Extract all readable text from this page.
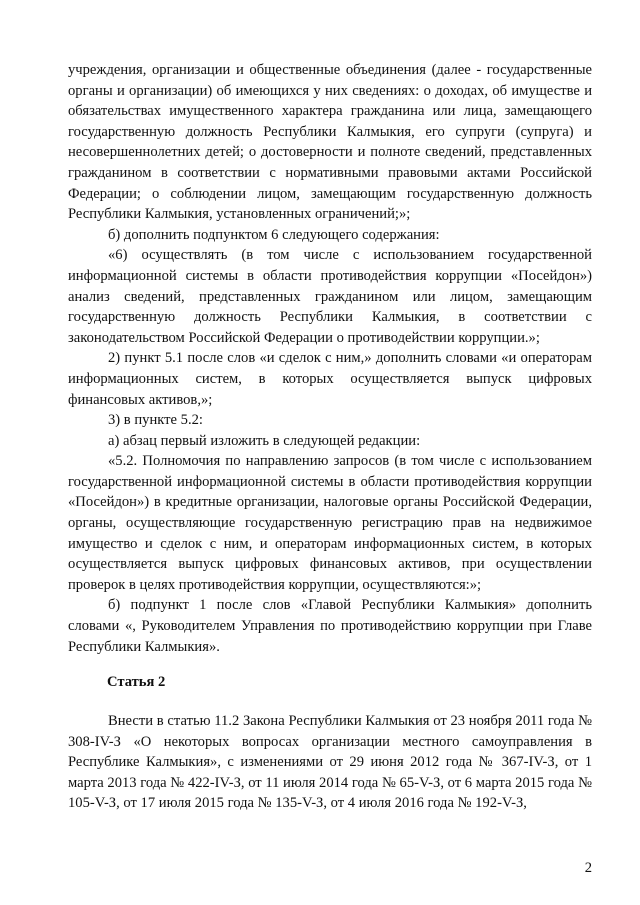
учреждения, организации и общественные объединения (далее - государственные органы и организации) об имеющихся у них сведениях: о доходах, об имуществе и обязательствах имущественного характера гражданина или лица, замещающего государственную должность Республики Калмыкия, его супруги (супруга) и несовершеннолетних детей; о достоверности и полноте сведений, представленных гражданином в соответствии с нормативными правовыми актами Российской Федерации; о соблюдении лицом, замещающим государственную должность Республики Калмыкия, установленных ограничений;»;

б) дополнить подпунктом 6 следующего содержания:

«6) осуществлять (в том числе с использованием государственной информационной системы в области противодействия коррупции «Посейдон») анализ сведений, представленных гражданином или лицом, замещающим государственную должность Республики Калмыкия, в соответствии с законодательством Российской Федерации о противодействии коррупции.»;

2) пункт 5.1 после слов «и сделок с ним,» дополнить словами «и операторам информационных систем, в которых осуществляется выпуск цифровых финансовых активов,»;

3) в пункте 5.2:

а) абзац первый изложить в следующей редакции:

«5.2. Полномочия по направлению запросов (в том числе с использованием государственной информационной системы в области противодействия коррупции «Посейдон») в кредитные организации, налоговые органы Российской Федерации, органы, осуществляющие государственную регистрацию прав на недвижимое имущество и сделок с ним, и операторам информационных систем, в которых осуществляется выпуск цифровых финансовых активов, при осуществлении проверок в целях противодействия коррупции, осуществляются:»;

б) подпункт 1 после слов «Главой Республики Калмыкия» дополнить словами «, Руководителем Управления по противодействию коррупции при Главе Республики Калмыкия».

Статья 2

Внести в статью 11.2 Закона Республики Калмыкия от 23 ноября 2011 года № 308-IV-З «О некоторых вопросах организации местного самоуправления в Республике Калмыкия», с изменениями от 29 июня 2012 года № 367-IV-З, от 1 марта 2013 года № 422-IV-З, от 11 июля 2014 года № 65-V-З, от 6 марта 2015 года № 105-V-З, от 17 июля 2015 года № 135-V-З, от 4 июля 2016 года № 192-V-З,

2
